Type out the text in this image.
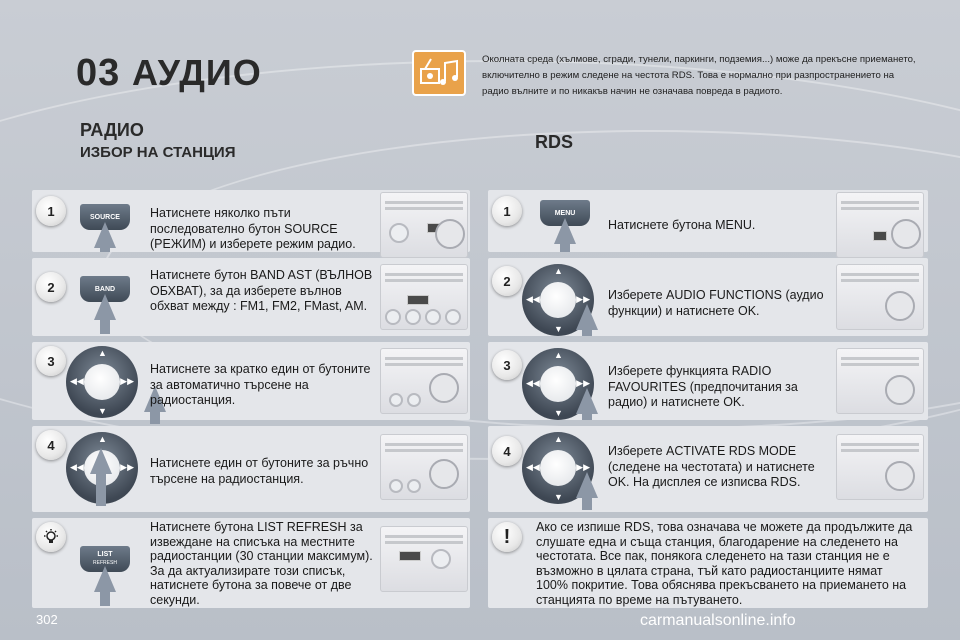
03 АУДИО	Околната среда (хълмове, сгради, тунели, паркинги, подземия...) може да прекъсне приемането, включително в режим следене на честота RDS. Това е нормално при разпространението на радио вълните и по никакъв начин не означава повреда в радиото.
РАДИО
ИЗБОР НА СТАНЦИЯ
RDS
1	SOURCE	Натиснете няколко пъти последователно бутон SOURCE (РЕЖИМ) и изберете режим радио.
2	BAND
Натиснете бутон BAND AST (ВЪЛНОВ ОБХВАТ), за да изберете вълнов обхват между : FM1, FM2, FMast, AM.
3
◀◀	▶▶
▲
▼
Натиснете за кратко един от бутоните за автоматично търсене на радиостанция.
4
◀◀	▶▶
▲
Натиснете един от бутоните за ръчно търсене на радиостанция.
LIST
REFRESH
Натиснете бутона LIST REFRESH за извеждане на списъка на местните радиостанции (30 станции максимум). За да актуализирате този списък, натиснете бутона за повече от две секунди.
1	MENU
Натиснете бутона MENU.
2
◀◀	▶▶
▲
▼
Изберете AUDIO FUNCTIONS (аудио функции) и натиснете OK.
3
◀◀	▶▶
▲
▼
Изберете функцията RADIO FAVOURITES (предпочитания за радио) и натиснете OK.
4
◀◀	▶▶
▲
▼
Изберете ACTIVATE RDS MODE (следене на честотата) и натиснете OK. На дисплея се изписва RDS.
!	Ако се изпише RDS, това означава че можете да продължите да слушате една и съща станция, благодарение на следенето на честотата. Все пак, понякога следенето на тази станция не е възможно в цялата страна, тъй като радиостанциите нямат 100% покритие. Това обяснява прекъсването на приемането на станцията по време на пътуването.
302	carmanualsonline.info
